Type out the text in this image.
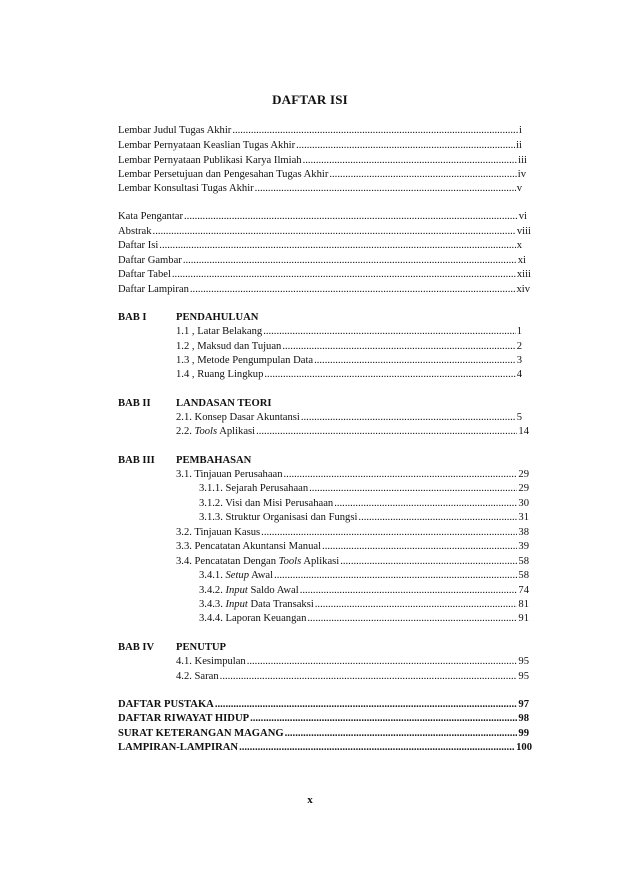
DAFTAR ISI
Lembar Judul Tugas Akhir .....	i
Lembar Pernyataan Keaslian Tugas Akhir .....	ii
Lembar Pernyataan Publikasi Karya Ilmiah .....	iii
Lembar Persetujuan dan Pengesahan Tugas Akhir .....	iv
Lembar Konsultasi Tugas Akhir .....	v
Kata Pengantar .....	vi
Abstrak .....	viii
Daftar Isi .....	x
Daftar Gambar .....	xi
Daftar Tabel .....	xiii
Daftar Lampiran .....	xiv
BAB I	PENDAHULUAN
1.1 , Latar Belakang .....	1
1.2 , Maksud dan Tujuan .....	2
1.3 , Metode Pengumpulan Data .....	3
1.4 , Ruang Lingkup .....	4
BAB II LANDASAN TEORI
2.1. Konsep Dasar Akuntansi .....	5
2.2. Tools Aplikasi .....	14
BAB III PEMBAHASAN
3.1. Tinjauan Perusahaan .....	29
3.1.1. Sejarah Perusahaan .....	29
3.1.2. Visi dan Misi Perusahaan .....	30
3.1.3. Struktur Organisasi dan Fungsi .....	31
3.2. Tinjauan Kasus .....	38
3.3. Pencatatan Akuntansi Manual .....	39
3.4. Pencatatan Dengan Tools Aplikasi .....	58
3.4.1. Setup Awal .....	58
3.4.2. Input Saldo Awal .....	74
3.4.3. Input Data Transaksi .....	81
3.4.4. Laporan Keuangan .....	91
BAB IV PENUTUP
4.1. Kesimpulan .....	95
4.2. Saran .....	95
DAFTAR PUSTAKA .....	97
DAFTAR RIWAYAT HIDUP .....	98
SURAT KETERANGAN MAGANG .....	99
LAMPIRAN-LAMPIRAN .....	100
x
